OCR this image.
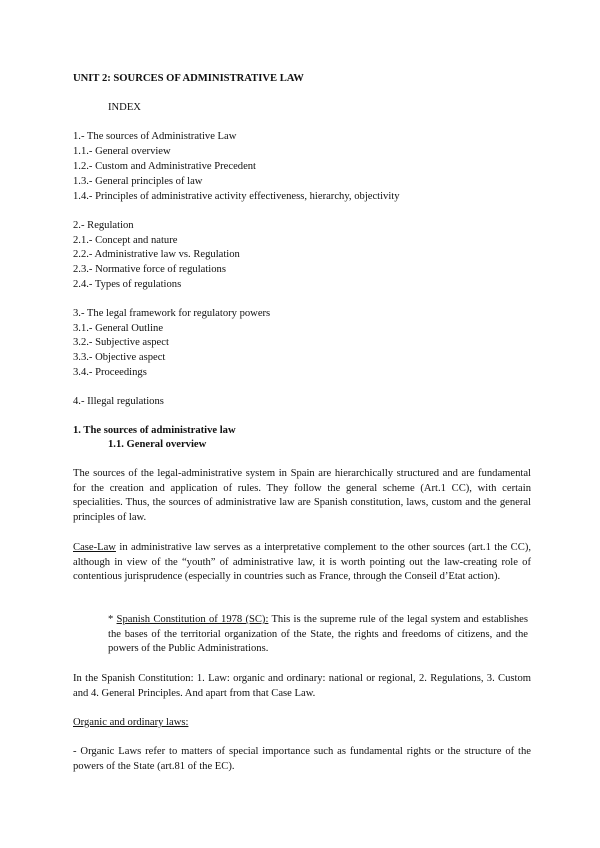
UNIT 2: SOURCES OF ADMINISTRATIVE LAW
INDEX
1.- The sources of Administrative Law
1.1.- General overview
1.2.- Custom and Administrative Precedent
1.3.- General principles of law
1.4.- Principles of administrative activity effectiveness, hierarchy, objectivity
2.- Regulation
2.1.- Concept and nature
2.2.- Administrative law vs. Regulation
2.3.- Normative force of regulations
2.4.- Types of regulations
3.- The legal framework for regulatory powers
3.1.- General Outline
3.2.- Subjective aspect
3.3.- Objective aspect
3.4.- Proceedings
4.- Illegal regulations
1. The sources of administrative law
1.1. General overview
The sources of the legal-administrative system in Spain are hierarchically structured and are fundamental for the creation and application of rules. They follow the general scheme (Art.1 CC), with certain specialities. Thus, the sources of administrative law are Spanish constitution, laws, custom and the general principles of law.
Case-Law in administrative law serves as a interpretative complement to the other sources (art.1 the CC), although in view of the “youth” of administrative law, it is worth pointing out the law-creating role of contentious jurisprudence (especially in countries such as France, through the Conseil d’Etat action).
* Spanish Constitution of 1978 (SC): This is the supreme rule of the legal system and establishes the bases of the territorial organization of the State, the rights and freedoms of citizens, and the powers of the Public Administrations.
In the Spanish Constitution: 1. Law: organic and ordinary: national or regional, 2. Regulations, 3. Custom and 4. General Principles. And apart from that Case Law.
Organic and ordinary laws:
- Organic Laws refer to matters of special importance such as fundamental rights or the structure of the powers of the State (art.81 of the EC).
